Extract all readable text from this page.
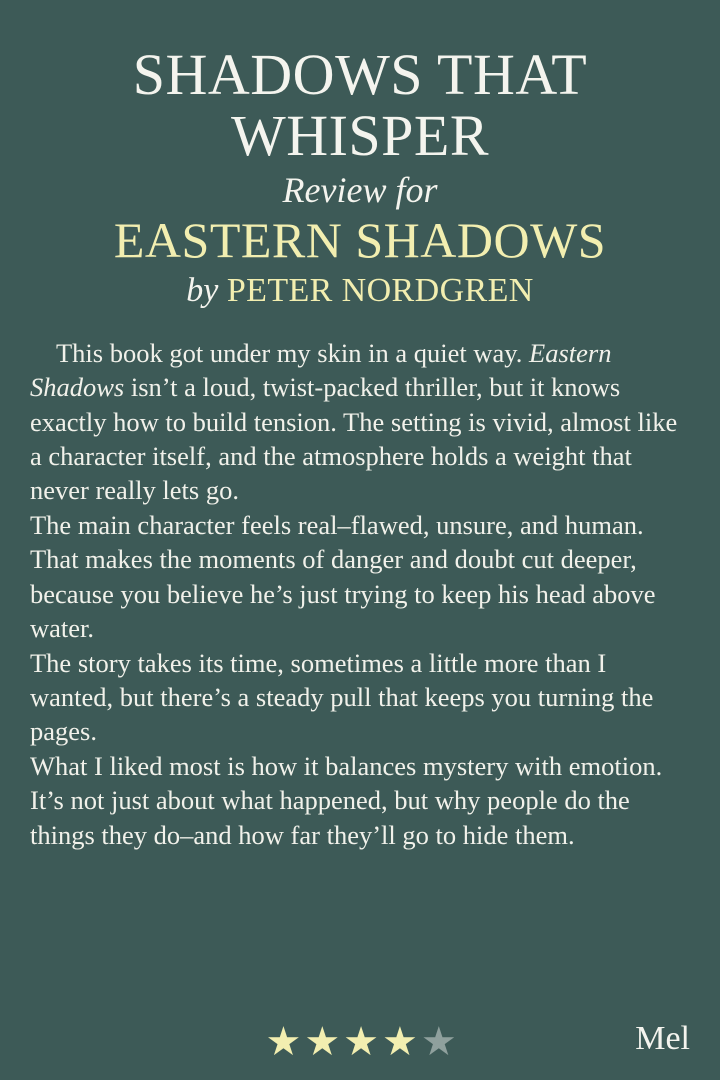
SHADOWS THAT WHISPER
Review for
EASTERN SHADOWS
by PETER NORDGREN

This book got under my skin in a quiet way. Eastern Shadows isn’t a loud, twist-packed thriller, but it knows exactly how to build tension. The setting is vivid, almost like a character itself, and the atmosphere holds a weight that never really lets go.

The main character feels real–flawed, unsure, and human. That makes the moments of danger and doubt cut deeper, because you believe he’s just trying to keep his head above water.

The story takes its time, sometimes a little more than I wanted, but there’s a steady pull that keeps you turning the pages.

What I liked most is how it balances mystery with emotion. It’s not just about what happened, but why people do the things they do–and how far they’ll go to hide them.

★★★★★	Mel
